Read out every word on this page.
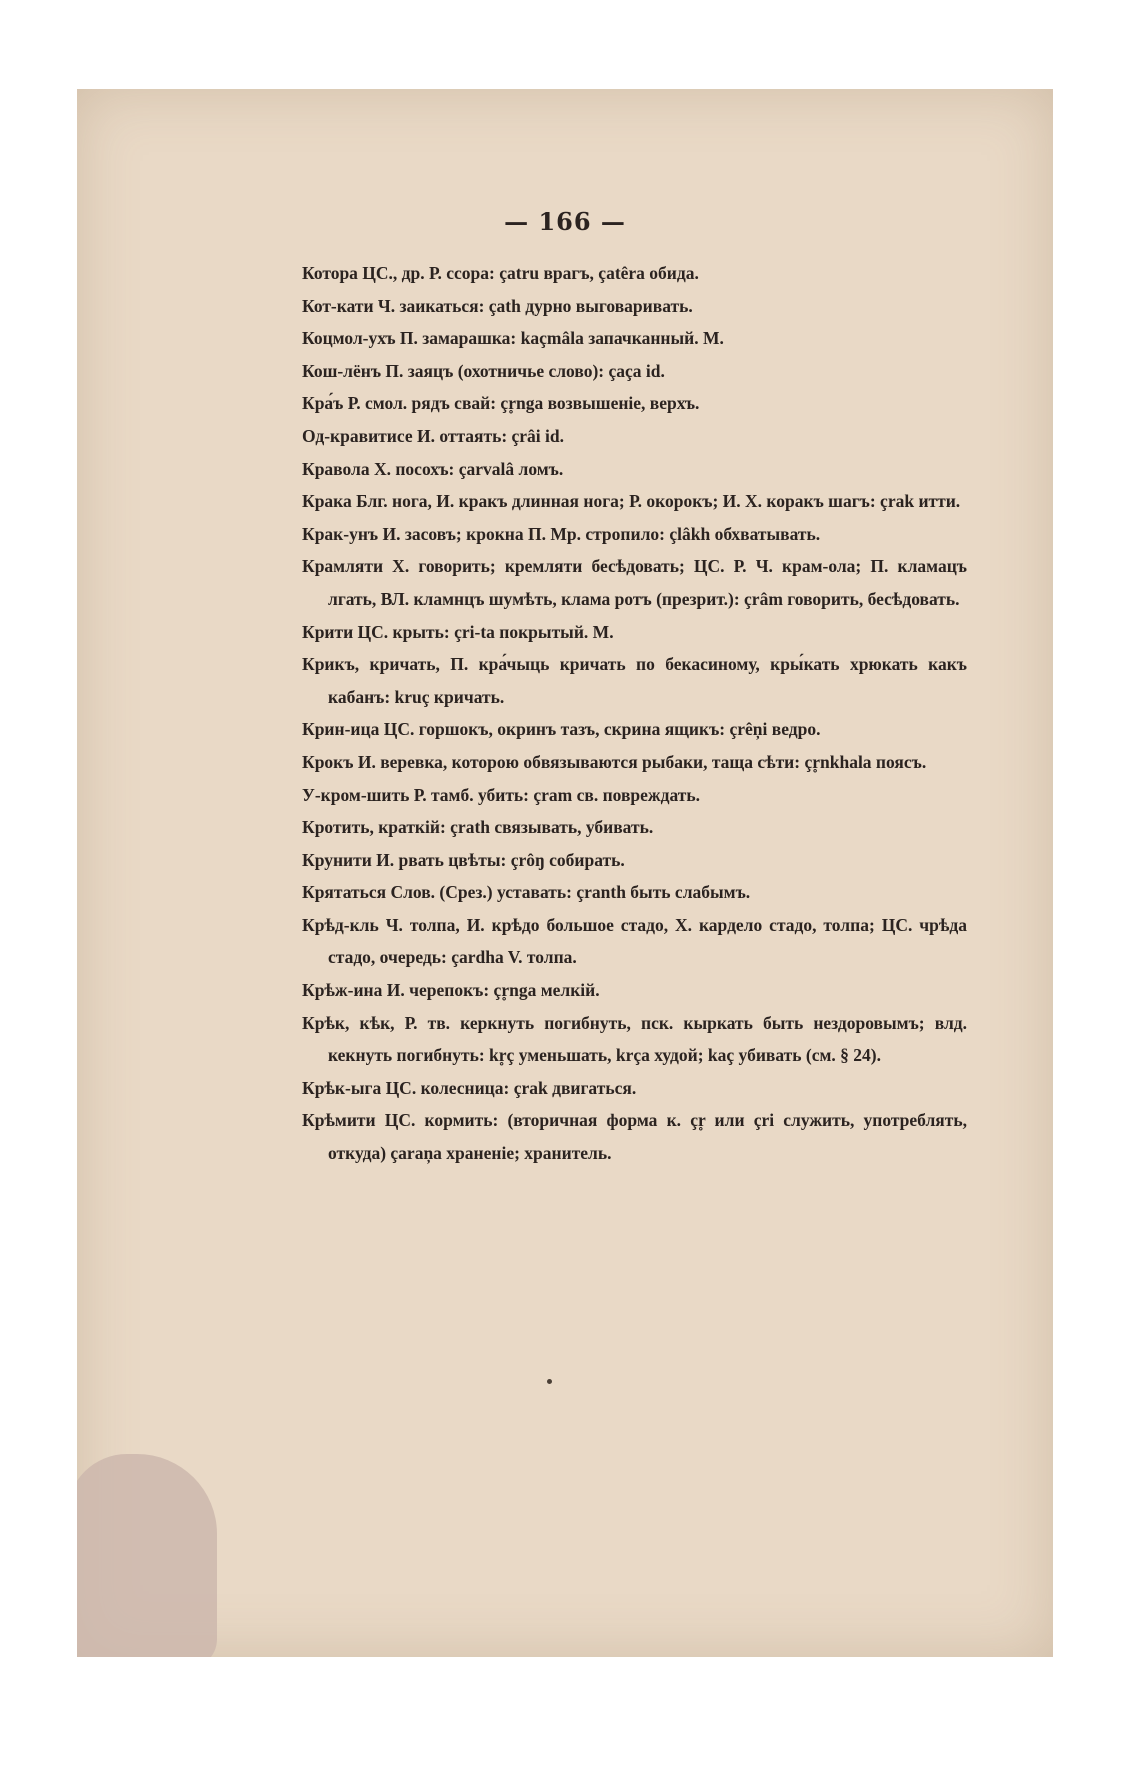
— 166 —

Котора ЦС., др. Р. ссора: çatru врагъ, çatêra обида.

Кот-кати Ч. заикаться: çath дурно выговаривать.

Коцмол-ухъ П. замарашка: kaçmâla запачканный. М.

Кош-лёнъ П. заяцъ (охотничье слово): çaça id.

Кра́ъ Р. смол. рядъ свай: çr̥nga возвышеніе, верхъ.

Од-кравитисе И. оттаять: çrâi id.

Кравола Х. посохъ: çarvalâ ломъ.

Крака Блг. нога, И. кракъ длинная нога; Р. окорокъ; И. Х. коракъ шагъ: çrak итти.

Крак-унъ И. засовъ; крокна П. Мр. стропило: çlâkh обхватывать.

Крамляти Х. говорить; кремляти бесѣдовать; ЦС. Р. Ч. крам-ола; П. кламацъ лгать, ВЛ. кламнцъ шумѣть, клама ротъ (презрит.): çrâm говорить, бесѣдовать.

Крити ЦС. крыть: çri-ta покрытый. М.

Крикъ, кричать, П. кра́чыць кричать по бекасиному, кры́кать хрюкать какъ кабанъ: kruç кричать.

Крин-ица ЦС. горшокъ, окринъ тазъ, скрина ящикъ: çrêņi ведро.

Крокъ И. веревка, которою обвязываются рыбаки, таща сѣти: çr̥nkhala поясъ.

У-кром-шить Р. тамб. убить: çram св. повреждать.

Кротить, краткій: çrath связывать, убивать.

Крунити И. рвать цвѣты: çrôŋ собирать.

Крятаться Слов. (Срез.) уставать: çranth быть слабымъ.

Крѣд-кль Ч. толпа, И. крѣдо большое стадо, Х. карделo стадо, толпа; ЦС. чрѣда стадо, очередь: çardha V. толпа.

Крѣж-ина И. черепокъ: çr̥nga мелкій.

Крѣк, кѣк, Р. тв. керкнуть погибнуть, пск. кыркать быть нездоровымъ; влд. кекнуть погибнуть: kr̥ç уменьшать, krça худой; kaç убивать (см. § 24).

Крѣк-ыга ЦС. колесница: çrak двигаться.

Крѣмити ЦС. кормить: (вторичная форма к. çr̥ или çri служить, употреблять, откуда) çaraņa храненіе; хранитель.
